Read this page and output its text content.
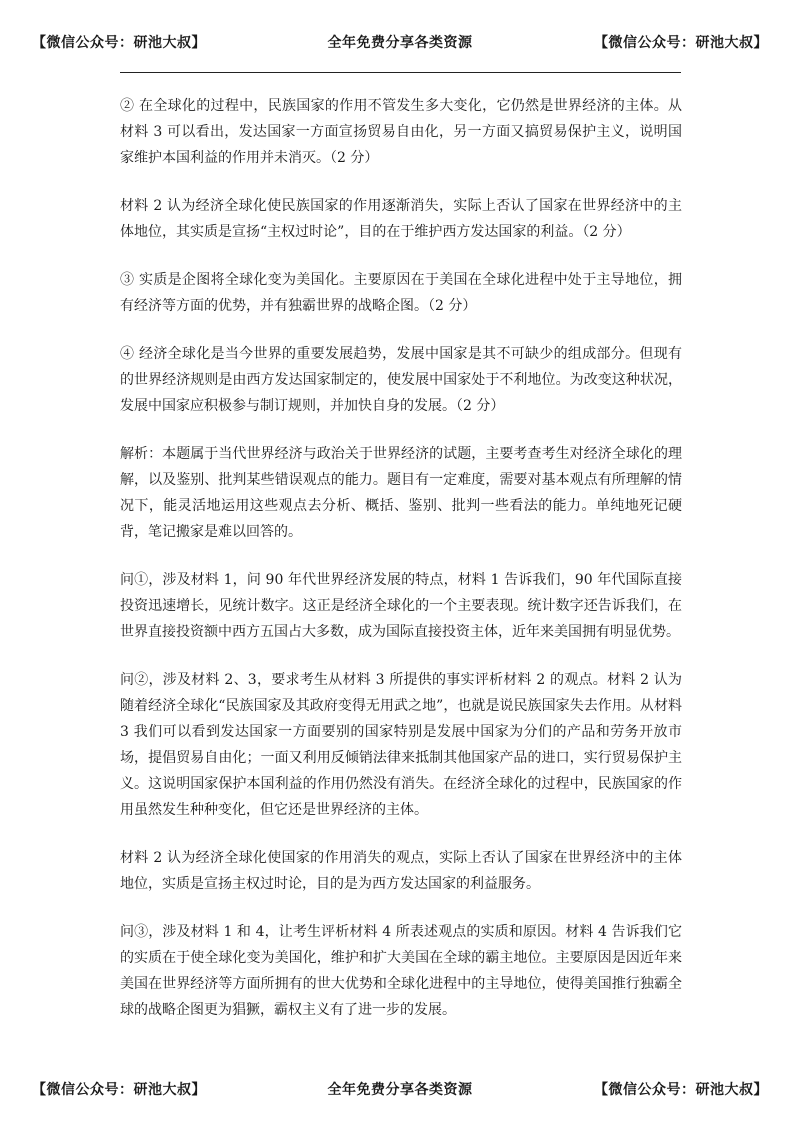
【微信公众号：研池大叔】	全年免费分享各类资源	【微信公众号：研池大叔】

② 在全球化的过程中，民族国家的作用不管发生多大变化，它仍然是世界经济的主体。从材料 3 可以看出，发达国家一方面宣扬贸易自由化，另一方面又搞贸易保护主义，说明国家维护本国利益的作用并未消灭。（2 分）

材料 2 认为经济全球化使民族国家的作用逐渐消失，实际上否认了国家在世界经济中的主体地位，其实质是宣扬“主权过时论”，目的在于维护西方发达国家的利益。（2 分）

③ 实质是企图将全球化变为美国化。主要原因在于美国在全球化进程中处于主导地位，拥有经济等方面的优势，并有独霸世界的战略企图。（2 分）

④ 经济全球化是当今世界的重要发展趋势，发展中国家是其不可缺少的组成部分。但现有的世界经济规则是由西方发达国家制定的，使发展中国家处于不利地位。为改变这种状况，发展中国家应积极参与制订规则，并加快自身的发展。（2 分）

解析：本题属于当代世界经济与政治关于世界经济的试题，主要考查考生对经济全球化的理解，以及鉴别、批判某些错误观点的能力。题目有一定难度，需要对基本观点有所理解的情况下，能灵活地运用这些观点去分析、概括、鉴别、批判一些看法的能力。单纯地死记硬背，笔记搬家是难以回答的。

问①，涉及材料 1，问 90 年代世界经济发展的特点，材料 1 告诉我们，90 年代国际直接投资迅速增长，见统计数字。这正是经济全球化的一个主要表现。统计数字还告诉我们，在世界直接投资额中西方五国占大多数，成为国际直接投资主体，近年来美国拥有明显优势。

问②，涉及材料 2、3，要求考生从材料 3 所提供的事实评析材料 2 的观点。材料 2 认为随着经济全球化“民族国家及其政府变得无用武之地”，也就是说民族国家失去作用。从材料 3 我们可以看到发达国家一方面要别的国家特别是发展中国家为分们的产品和劳务开放市场，提倡贸易自由化；一面又利用反倾销法律来抵制其他国家产品的进口，实行贸易保护主义。这说明国家保护本国利益的作用仍然没有消失。在经济全球化的过程中，民族国家的作用虽然发生种种变化，但它还是世界经济的主体。

材料 2 认为经济全球化使国家的作用消失的观点，实际上否认了国家在世界经济中的主体地位，实质是宣扬主权过时论，目的是为西方发达国家的利益服务。

问③，涉及材料 1 和 4，让考生评析材料 4 所表述观点的实质和原因。材料 4 告诉我们它的实质在于使全球化变为美国化，维护和扩大美国在全球的霸主地位。主要原因是因近年来美国在世界经济等方面所拥有的世大优势和全球化进程中的主导地位，使得美国推行独霸全球的战略企图更为猖獗，霸权主义有了进一步的发展。

【微信公众号：研池大叔】	全年免费分享各类资源	【微信公众号：研池大叔】
